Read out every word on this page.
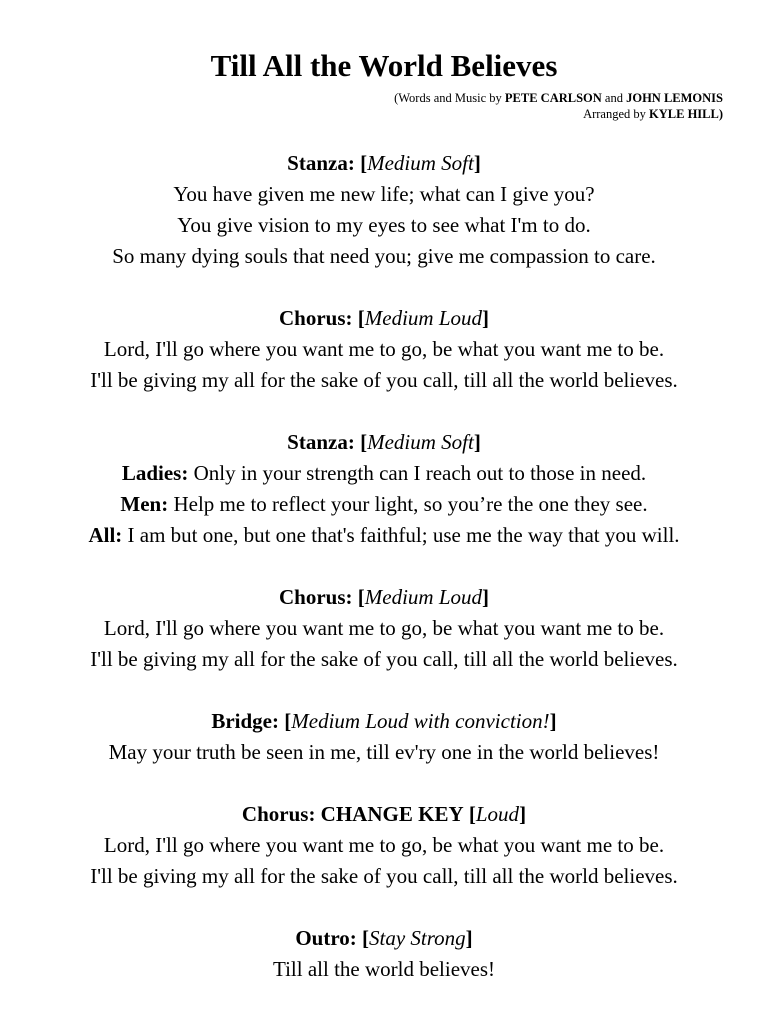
Till All the World Believes
(Words and Music by PETE CARLSON and JOHN LEMONIS
Arranged by KYLE HILL)
Stanza: [Medium Soft]
You have given me new life; what can I give you?
You give vision to my eyes to see what I'm to do.
So many dying souls that need you; give me compassion to care.
Chorus: [Medium Loud]
Lord, I'll go where you want me to go, be what you want me to be.
I'll be giving my all for the sake of you call, till all the world believes.
Stanza: [Medium Soft]
Ladies: Only in your strength can I reach out to those in need.
Men: Help me to reflect your light, so you’re the one they see.
All: I am but one, but one that's faithful; use me the way that you will.
Chorus: [Medium Loud]
Lord, I'll go where you want me to go, be what you want me to be.
I'll be giving my all for the sake of you call, till all the world believes.
Bridge: [Medium Loud with conviction!]
May your truth be seen in me, till ev'ry one in the world believes!
Chorus: CHANGE KEY [Loud]
Lord, I'll go where you want me to go, be what you want me to be.
I'll be giving my all for the sake of you call, till all the world believes.
Outro: [Stay Strong]
Till all the world believes!
